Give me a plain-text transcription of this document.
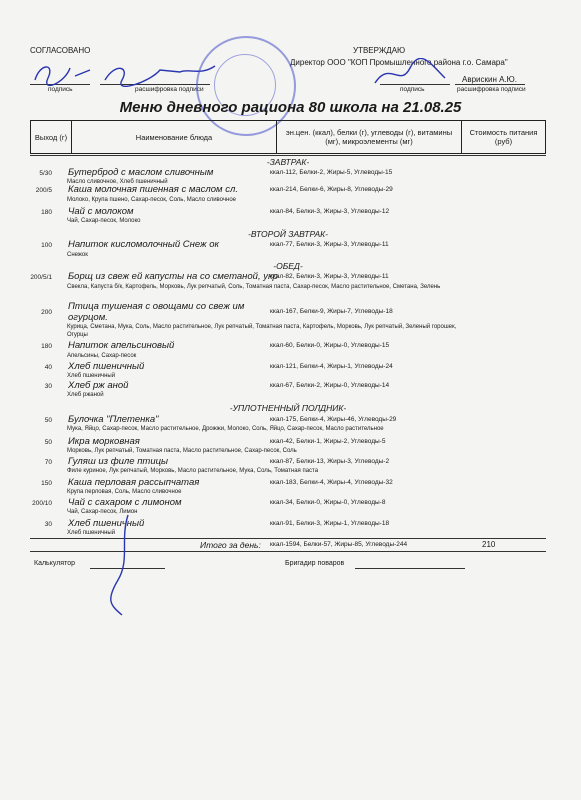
СОГЛАСОВАНО	УТВЕРЖДАЮ
Директор ООО "КОП Промышленного района г.о. Самара"
подпись	расшифровка подписи	подпись	расшифровка подписи
Аврискин А.Ю.
Меню дневного рациона 80 школа на 21.08.25
Выход (г)	Наименование блюда	эн.цен. (ккал), белки (г), углеводы (г), витамины (мг), микроэлементы (мг)	Стоимость питания (руб)
-ЗАВТРАК-
-ВТОРОЙ ЗАВТРАК-
-ОБЕД-
-УПЛОТНЕННЫЙ ПОЛДНИК-
5/30 Бутерброд с маслом сливочным
Масло сливочное, Хлеб пшеничный
ккал-112, Белки-2, Жиры-5, Углеводы-15
200/5 Каша молочная пшенная с маслом сл.
Молоко, Крупа пшено, Сахар-песок, Соль, Масло сливочное
ккал-214, Белки-6, Жиры-8, Углеводы-29
180 Чай с молоком
Чай, Сахар-песок, Молоко
ккал-84, Белки-3, Жиры-3, Углеводы-12
100 Напиток кисломолочный Снеж ок
Снежок
ккал-77, Белки-3, Жиры-3, Углеводы-11
200/5/1 Борщ из свеж ей капусты на со сметаной, укр
Свекла, Капуста б/к, Картофель, Морковь, Лук репчатый, Соль, Томатная паста, Сахар-песок, Масло растительное, Сметана, Зелень
ккал-82, Белки-3, Жиры-3, Углеводы-11
200
Птица тушеная с овощами со свеж им огурцом.
Курица, Сметана, Мука, Соль, Масло растительное, Лук репчатый, Томатная паста, Картофель, Морковь, Лук репчатый, Зеленый горошек, Огурцы
ккал-167, Белки-9, Жиры-7, Углеводы-18
180 Напиток апельсиновый
Апельсины, Сахар-песок
ккал-60, Белки-0, Жиры-0, Углеводы-15
40 Хлеб пшеничный
Хлеб пшеничный
ккал-121, Белки-4, Жиры-1, Углеводы-24
30 Хлеб рж аной
Хлеб ржаной
ккал-67, Белки-2, Жиры-0, Углеводы-14
50 Булочка "Плетенка"
Мука, Яйцо, Сахар-песок, Масло растительное, Дрожжи, Молоко, Соль, Яйцо, Сахар-песок, Масло растительное
ккал-175, Белки-4, Жиры-46, Углеводы-29
50 Икра морковная
Морковь, Лук репчатый, Томатная паста, Масло растительное, Сахар-песок, Соль
ккал-42, Белки-1, Жиры-2, Углеводы-5
70 Гуляш из филе птицы
Филе куриное, Лук репчатый, Морковь, Масло растительное, Мука, Соль, Томатная паста
ккал-87, Белки-13, Жиры-3, Углеводы-2
150 Каша перловая рассыпчатая
Крупа перловая, Соль, Масло сливочное
ккал-183, Белки-4, Жиры-4, Углеводы-32
200/10 Чай с сахаром с лимоном
Чай, Сахар-песок, Лимон
ккал-34, Белки-0, Жиры-0, Углеводы-8
30 Хлеб пшеничный
Хлеб пшеничный
ккал-91, Белки-3, Жиры-1, Углеводы-18
Итого за день: ккал-1594, Белки-57, Жиры-85, Углеводы-244	210
Калькулятор	Бригадир поваров
